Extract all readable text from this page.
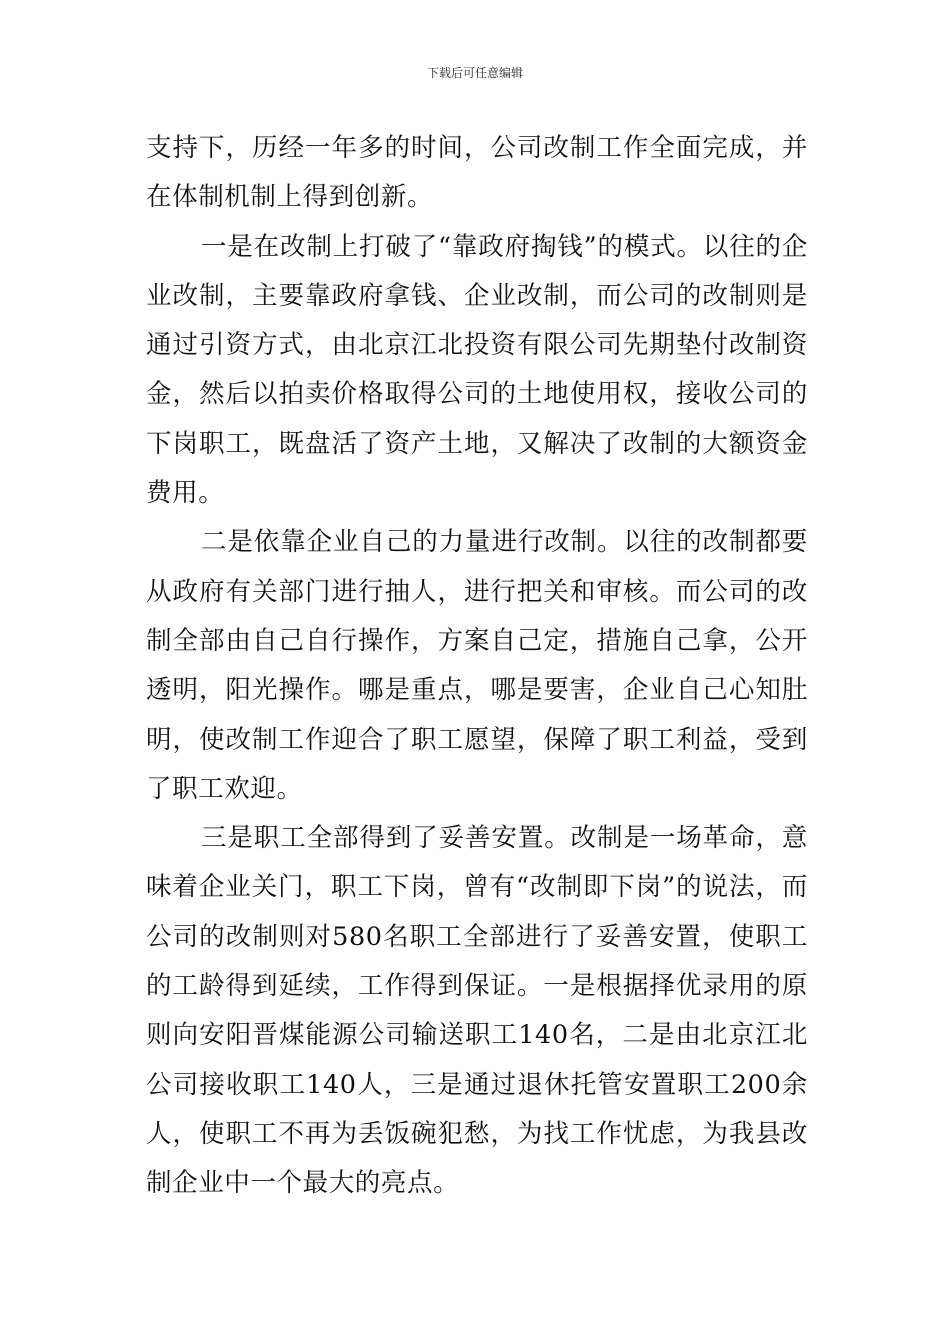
下载后可任意编辑

支持下，历经一年多的时间，公司改制工作全面完成，并在体制机制上得到创新。

一是在改制上打破了“靠政府掏钱”的模式。以往的企业改制，主要靠政府拿钱、企业改制，而公司的改制则是通过引资方式，由北京江北投资有限公司先期垫付改制资金，然后以拍卖价格取得公司的土地使用权，接收公司的下岗职工，既盘活了资产土地，又解决了改制的大额资金费用。

二是依靠企业自己的力量进行改制。以往的改制都要从政府有关部门进行抽人，进行把关和审核。而公司的改制全部由自己自行操作，方案自己定，措施自己拿，公开透明，阳光操作。哪是重点，哪是要害，企业自己心知肚明，使改制工作迎合了职工愿望，保障了职工利益，受到了职工欢迎。

三是职工全部得到了妥善安置。改制是一场革命，意味着企业关门，职工下岗，曾有“改制即下岗”的说法，而公司的改制则对580名职工全部进行了妥善安置，使职工的工龄得到延续，工作得到保证。一是根据择优录用的原则向安阳晋煤能源公司输送职工140名，二是由北京江北公司接收职工140人，三是通过退休托管安置职工200余人，使职工不再为丢饭碗犯愁，为找工作忧虑，为我县改制企业中一个最大的亮点。
